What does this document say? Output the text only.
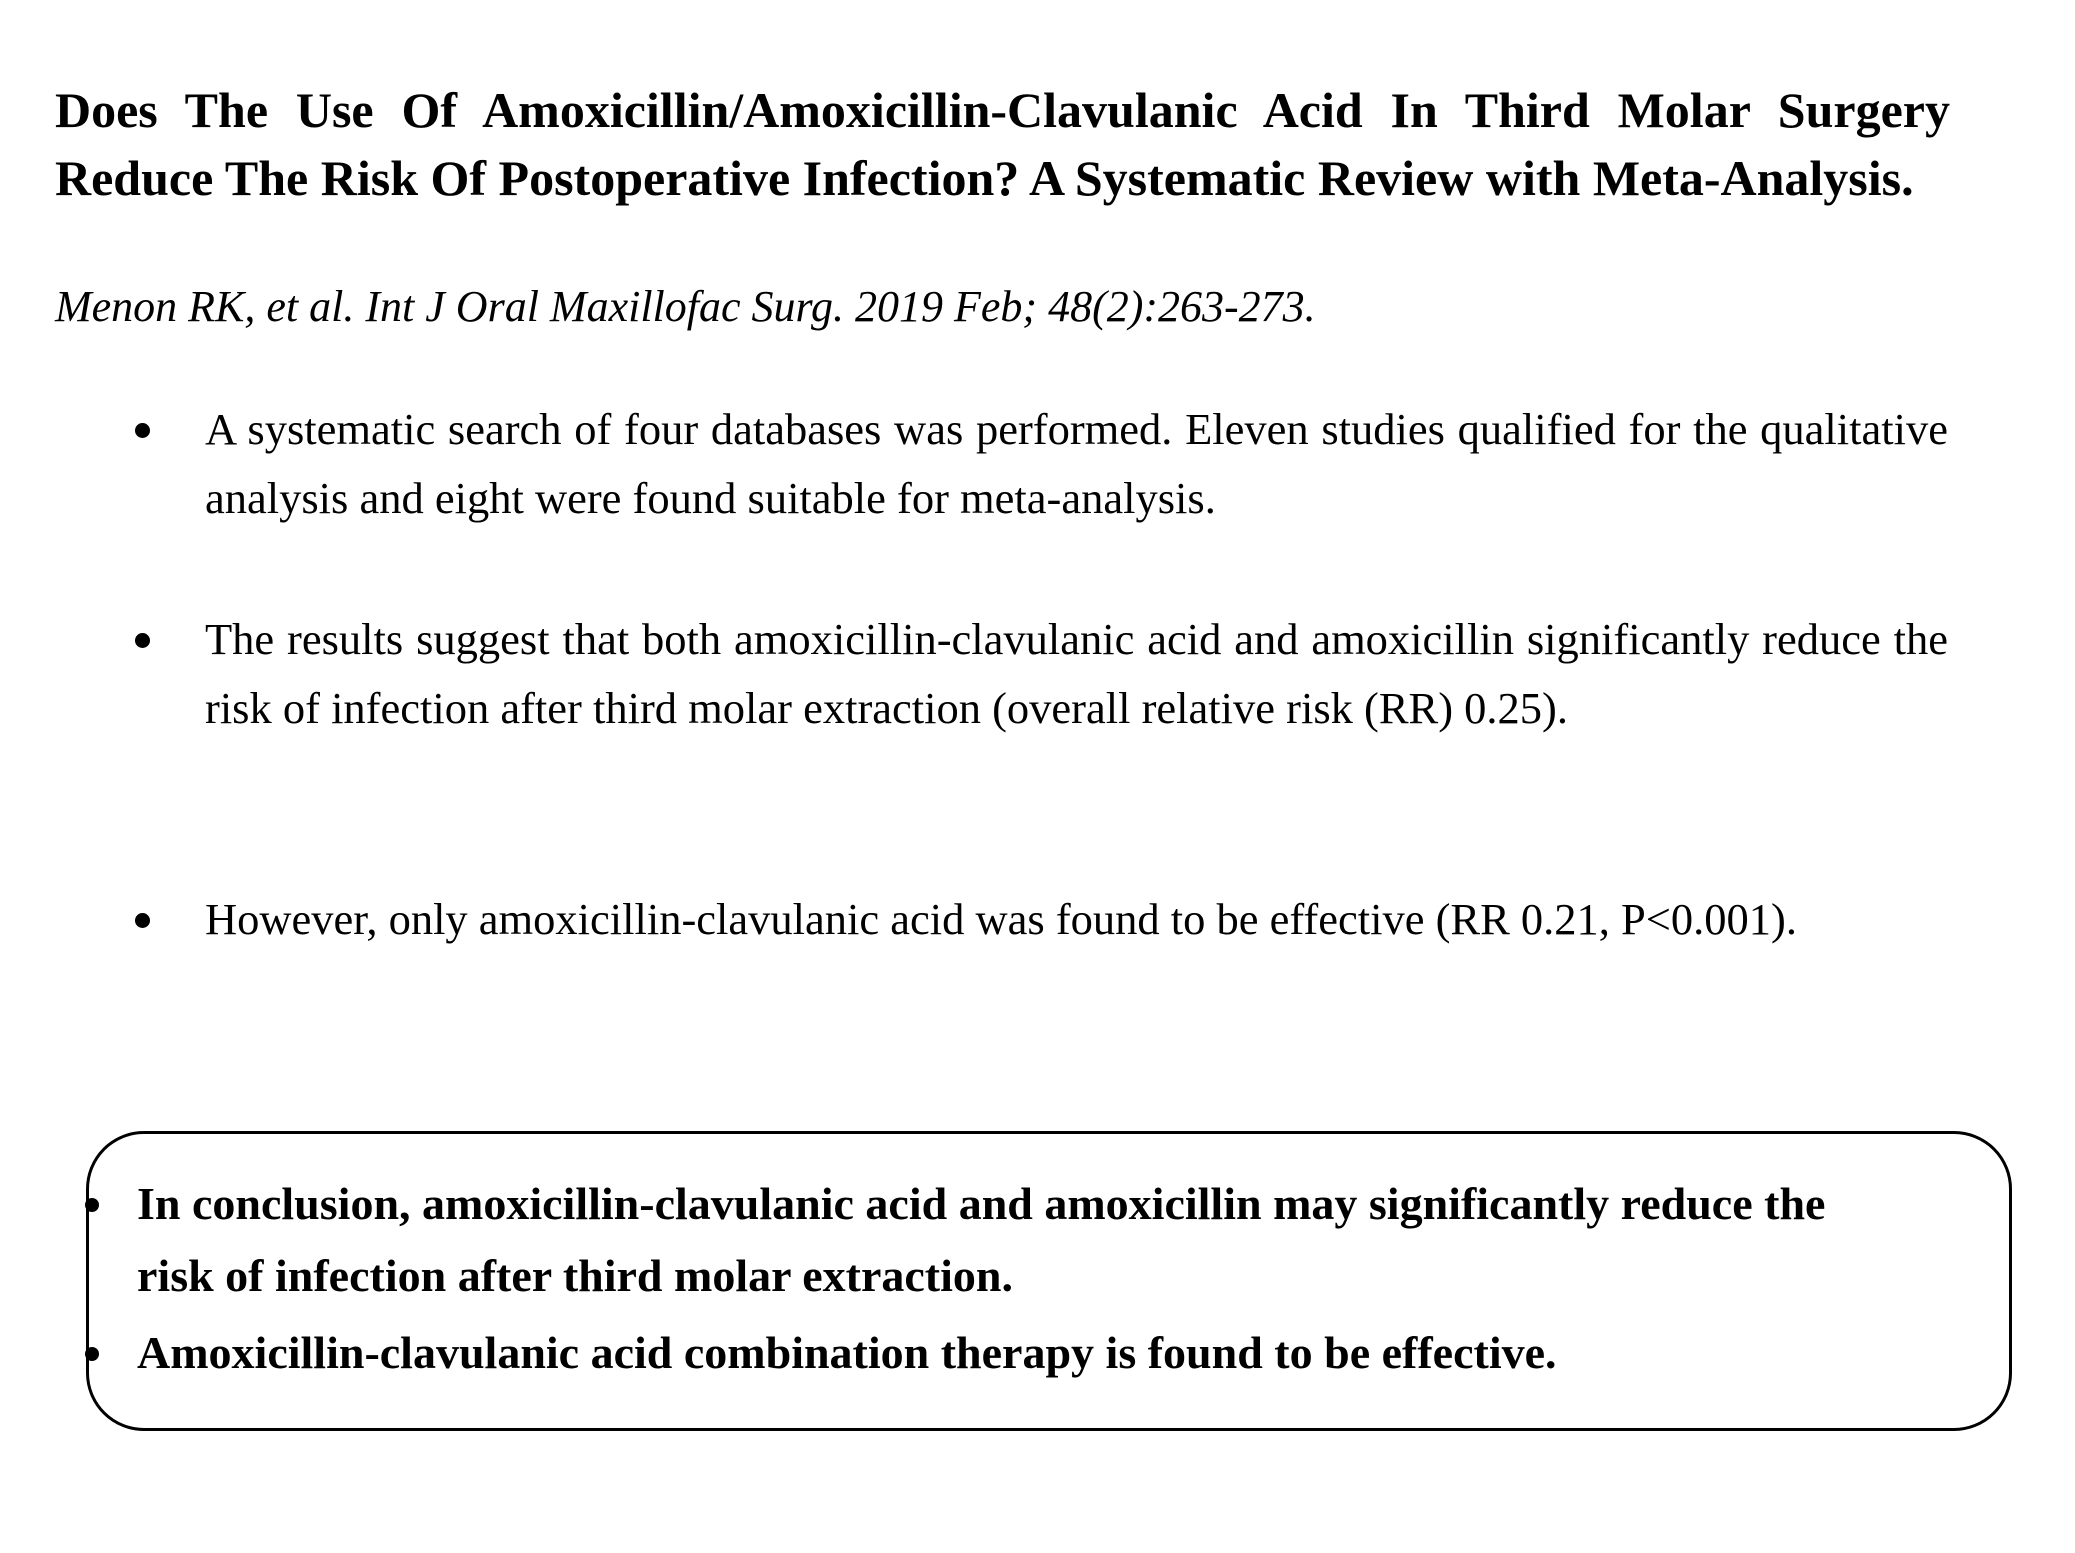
Does The Use Of Amoxicillin/Amoxicillin-Clavulanic Acid In Third Molar Surgery Reduce The Risk Of Postoperative Infection? A Systematic Review with Meta-Analysis.

Menon RK, et al. Int J Oral Maxillofac Surg. 2019 Feb; 48(2):263-273.

A systematic search of four databases was performed. Eleven studies qualified for the qualitative analysis and eight were found suitable for meta-analysis.
The results suggest that both amoxicillin-clavulanic acid and amoxicillin significantly reduce the risk of infection after third molar extraction (overall relative risk (RR) 0.25).
However, only amoxicillin-clavulanic acid was found to be effective (RR 0.21, P<0.001).
In conclusion, amoxicillin-clavulanic acid and amoxicillin may significantly reduce the risk of infection after third molar extraction.
Amoxicillin-clavulanic acid combination therapy is found to be effective.
